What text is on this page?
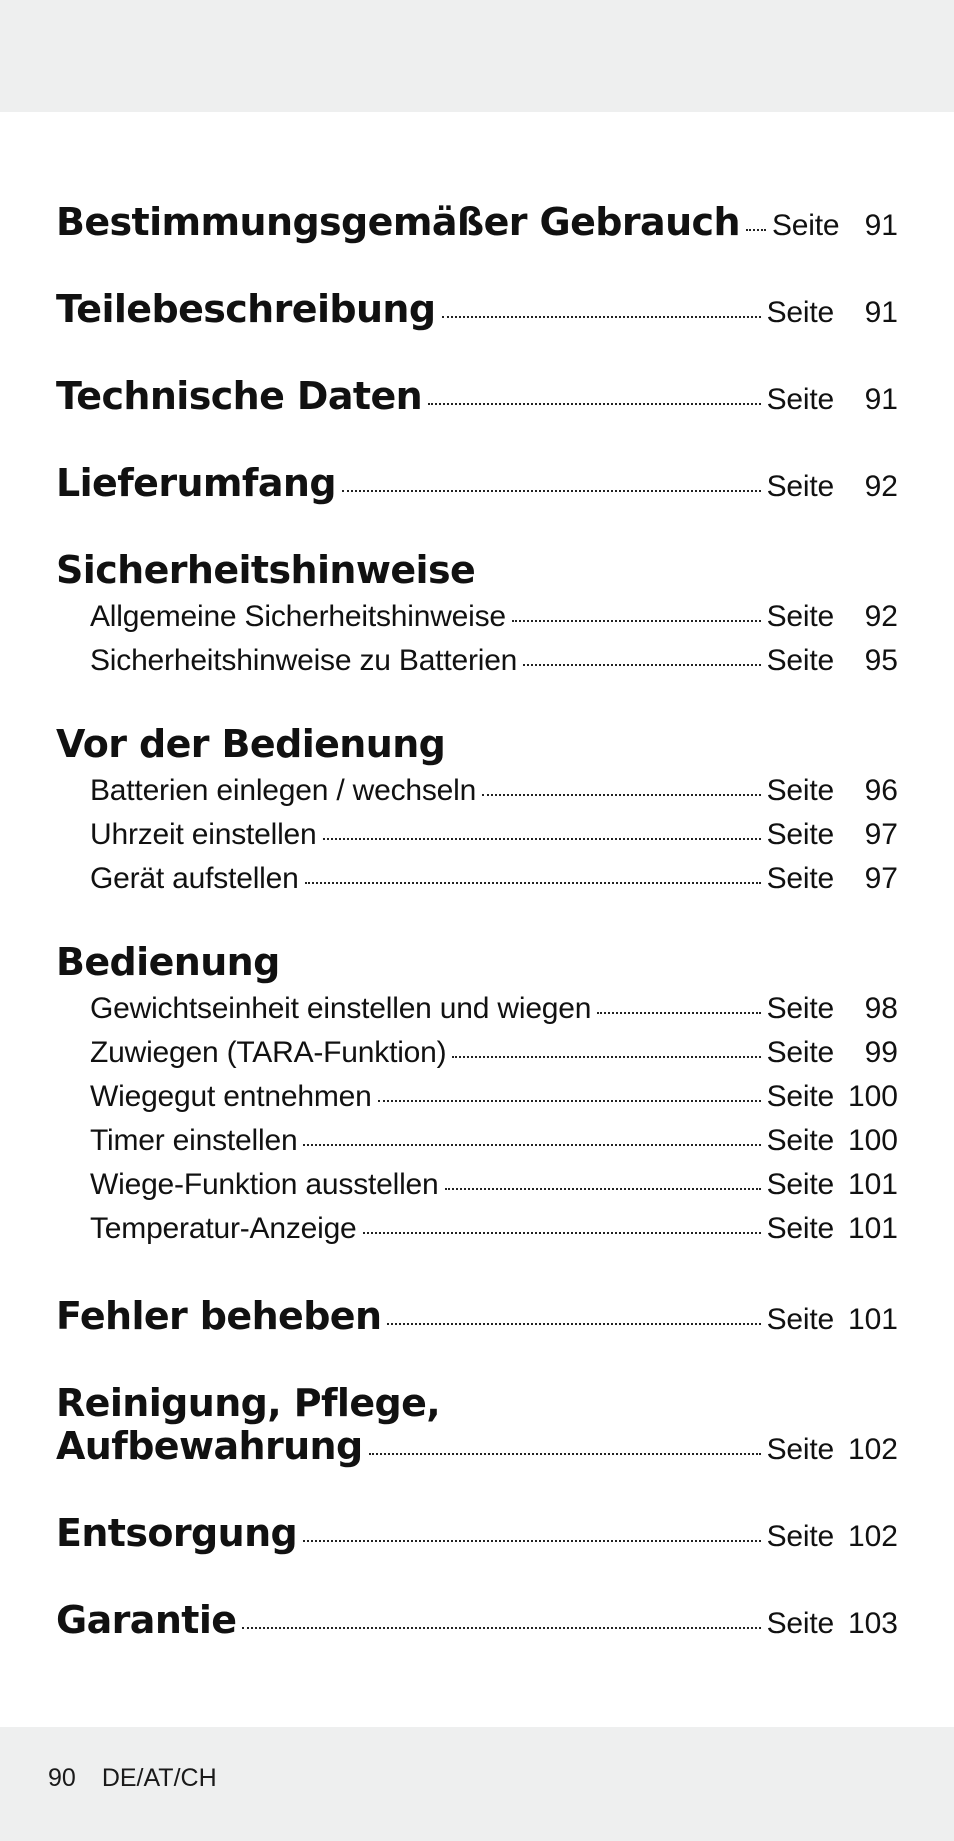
Bestimmungsgemäßer Gebrauch Seite 91
Teilebeschreibung	Seite	91
Technische Daten	Seite	91
Lieferumfang	Seite	92
Sicherheitshinweise
Allgemeine Sicherheitshinweise	Seite	92
Sicherheitshinweise zu Batterien	Seite	95
Vor der Bedienung
Batterien einlegen / wechseln	Seite	96
Uhrzeit einstellen	Seite	97
Gerät aufstellen	Seite	97
Bedienung
Gewichtseinheit einstellen und wiegen	Seite	98
Zuwiegen (TARA-Funktion)	Seite	99
Wiegegut entnehmen	Seite 100
Timer einstellen	Seite 100
Wiege-Funktion ausstellen	Seite 101
Temperatur-Anzeige	Seite 101
Fehler beheben	Seite 101
Reinigung, Pflege,
Aufbewahrung	Seite 102
Entsorgung	Seite 102
Garantie	Seite 103
90 DE/AT/CH
